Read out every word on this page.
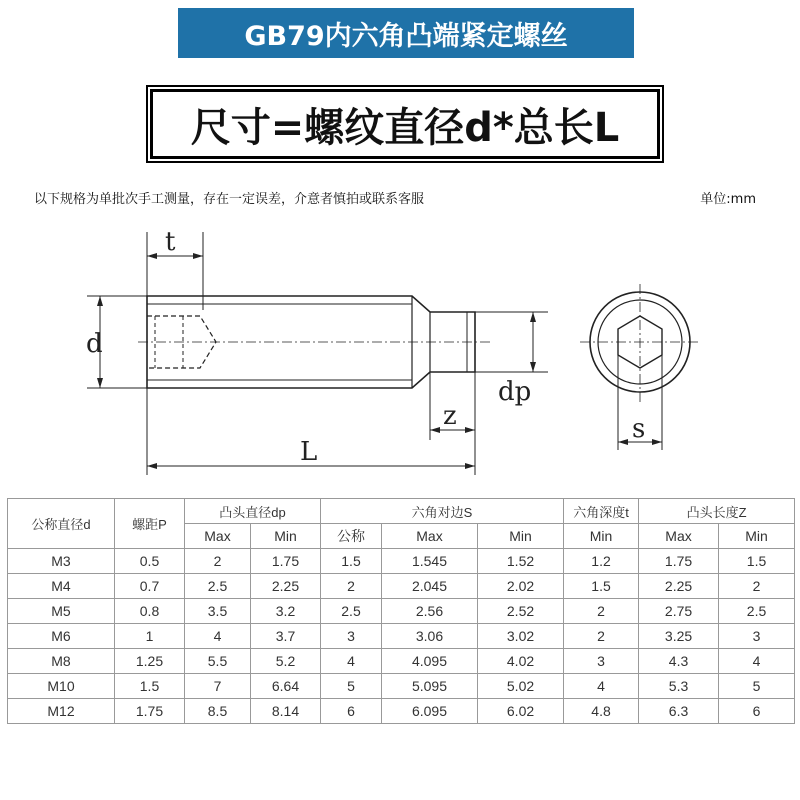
GB79内六角凸端紧定螺丝
尺寸=螺纹直径d*总长L
以下规格为单批次手工测量，存在一定误差，介意者慎拍或联系客服	单位:mm
t
d
dp
z
L
s
公称直径d	螺距P	凸头直径dp		六角对边S			六角深度t	凸头长度Z	
		Max	Min	公称	Max	Min	Min	Max	Min
M3	0.5	2	1.75	1.5	1.545	1.52	1.2	1.75	1.5
M4	0.7	2.5	2.25	2	2.045	2.02	1.5	2.25	2
M5	0.8	3.5	3.2	2.5	2.56	2.52	2	2.75	2.5
M6	1	4	3.7	3	3.06	3.02	2	3.25	3
M8	1.25	5.5	5.2	4	4.095	4.02	3	4.3	4
M10	1.5	7	6.64	5	5.095	5.02	4	5.3	5
M12	1.75	8.5	8.14	6	6.095	6.02	4.8	6.3	6
